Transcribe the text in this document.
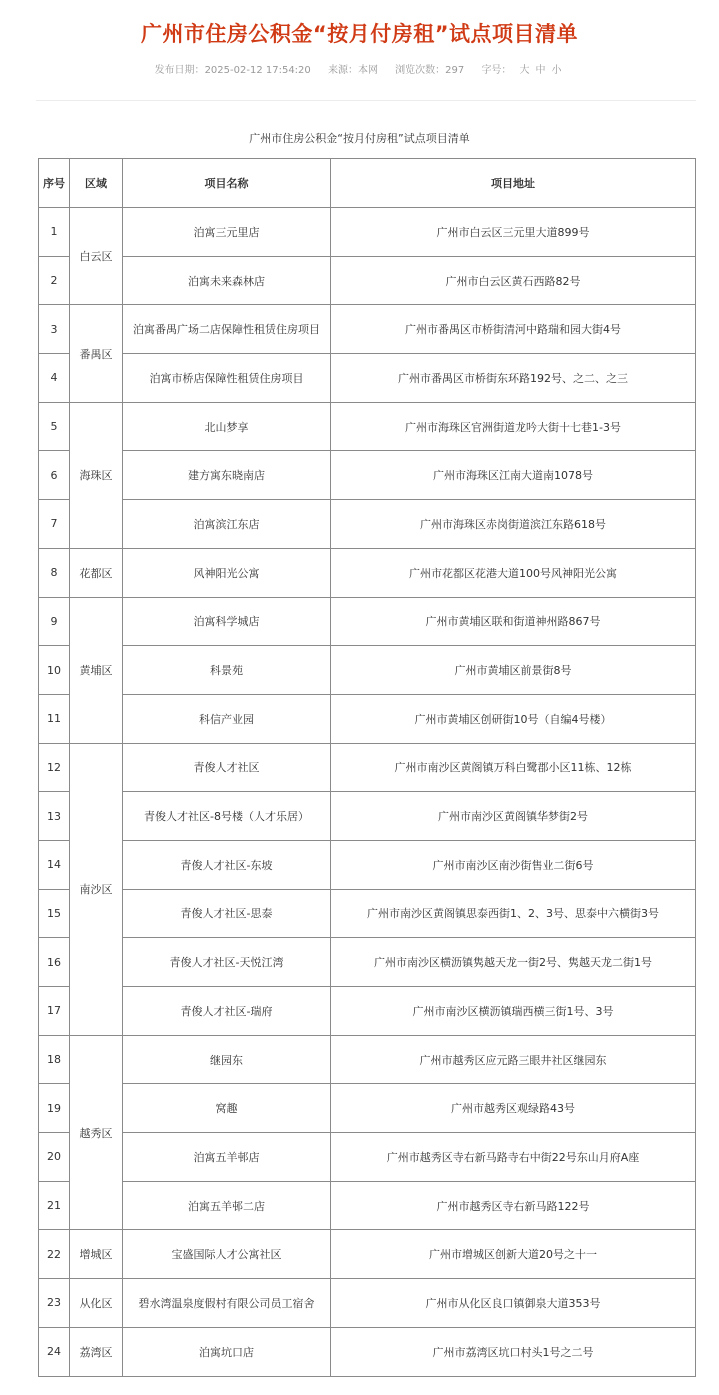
广州市住房公积金“按月付房租”试点项目清单
发布日期：2025-02-12 17:54:20 来源：本网 浏览次数：297 字号： 大 中 小
广州市住房公积金“按月付房租”试点项目清单
序号	区域	项目名称	项目地址
1	白云区	泊寓三元里店	广州市白云区三元里大道899号
2		泊寓未来森林店	广州市白云区黄石西路82号
3	番禺区	泊寓番禺广场二店保障性租赁住房项目	广州市番禺区市桥街清河中路瑞和园大街4号
4		泊寓市桥店保障性租赁住房项目	广州市番禺区市桥街东环路192号、之二、之三
5	海珠区	北山梦享	广州市海珠区官洲街道龙吟大街十七巷1-3号
6		建方寓东晓南店	广州市海珠区江南大道南1078号
7		泊寓滨江东店	广州市海珠区赤岗街道滨江东路618号
8	花都区	风神阳光公寓	广州市花都区花港大道100号风神阳光公寓
9	黄埔区	泊寓科学城店	广州市黄埔区联和街道神州路867号
10		科景苑	广州市黄埔区前景街8号
11		科信产业园	广州市黄埔区创研街10号（自编4号楼）
12	南沙区	青俊人才社区	广州市南沙区黄阁镇万科白鹭郡小区11栋、12栋
13		青俊人才社区-8号楼（人才乐居）	广州市南沙区黄阁镇华梦街2号
14		青俊人才社区-东坡	广州市南沙区南沙街售业二街6号
15		青俊人才社区-思泰	广州市南沙区黄阁镇思泰西街1、2、3号、思泰中六横街3号
16		青俊人才社区-天悦江湾	广州市南沙区横沥镇隽越天龙一街2号、隽越天龙二街1号
17		青俊人才社区-瑞府	广州市南沙区横沥镇瑞西横三街1号、3号
18	越秀区	继园东	广州市越秀区应元路三眼井社区继园东
19		窝趣	广州市越秀区观绿路43号
20		泊寓五羊邨店	广州市越秀区寺右新马路寺右中街22号东山月府A座
21		泊寓五羊邨二店	广州市越秀区寺右新马路122号
22	增城区	宝盛国际人才公寓社区	广州市增城区创新大道20号之十一
23	从化区	碧水湾温泉度假村有限公司员工宿舍	广州市从化区良口镇御泉大道353号
24	荔湾区	泊寓坑口店	广州市荔湾区坑口村头1号之二号
